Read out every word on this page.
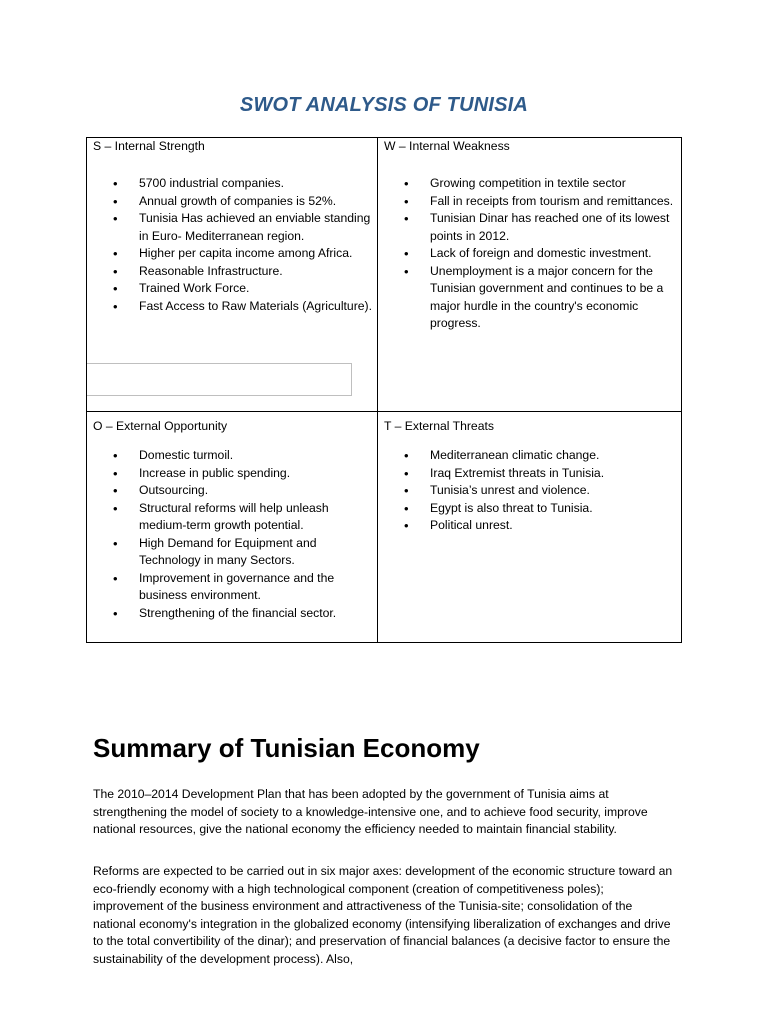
SWOT ANALYSIS OF TUNISIA
S – Internal Strength
• 5700 industrial companies.
• Annual growth of companies is 52%.
• Tunisia Has achieved an enviable standing in Euro- Mediterranean region.
• Higher per capita income among Africa.
• Reasonable Infrastructure.
• Trained Work Force.
• Fast Access to Raw Materials (Agriculture).
W – Internal Weakness
• Growing competition in textile sector
• Fall in receipts from tourism and remittances.
• Tunisian Dinar has reached one of its lowest points in 2012.
• Lack of foreign and domestic investment.
• Unemployment is a major concern for the Tunisian government and continues to be a major hurdle in the country's economic progress.
O – External Opportunity
• Domestic turmoil.
• Increase in public spending.
• Outsourcing.
• Structural reforms will help unleash medium-term growth potential.
• High Demand for Equipment and Technology in many Sectors.
• Improvement in governance and the business environment.
• Strengthening of the financial sector.
T – External Threats
• Mediterranean climatic change.
• Iraq Extremist threats in Tunisia.
• Tunisia’s unrest and violence.
• Egypt is also threat to Tunisia.
• Political unrest.
Summary of Tunisian Economy
The 2010–2014 Development Plan that has been adopted by the government of Tunisia aims at strengthening the model of society to a knowledge-intensive one, and to achieve food security, improve national resources, give the national economy the efficiency needed to maintain financial stability.
Reforms are expected to be carried out in six major axes: development of the economic structure toward an eco-friendly economy with a high technological component (creation of competitiveness poles); improvement of the business environment and attractiveness of the Tunisia-site; consolidation of the national economy's integration in the globalized economy (intensifying liberalization of exchanges and drive to the total convertibility of the dinar); and preservation of financial balances (a decisive factor to ensure the sustainability of the development process). Also,
